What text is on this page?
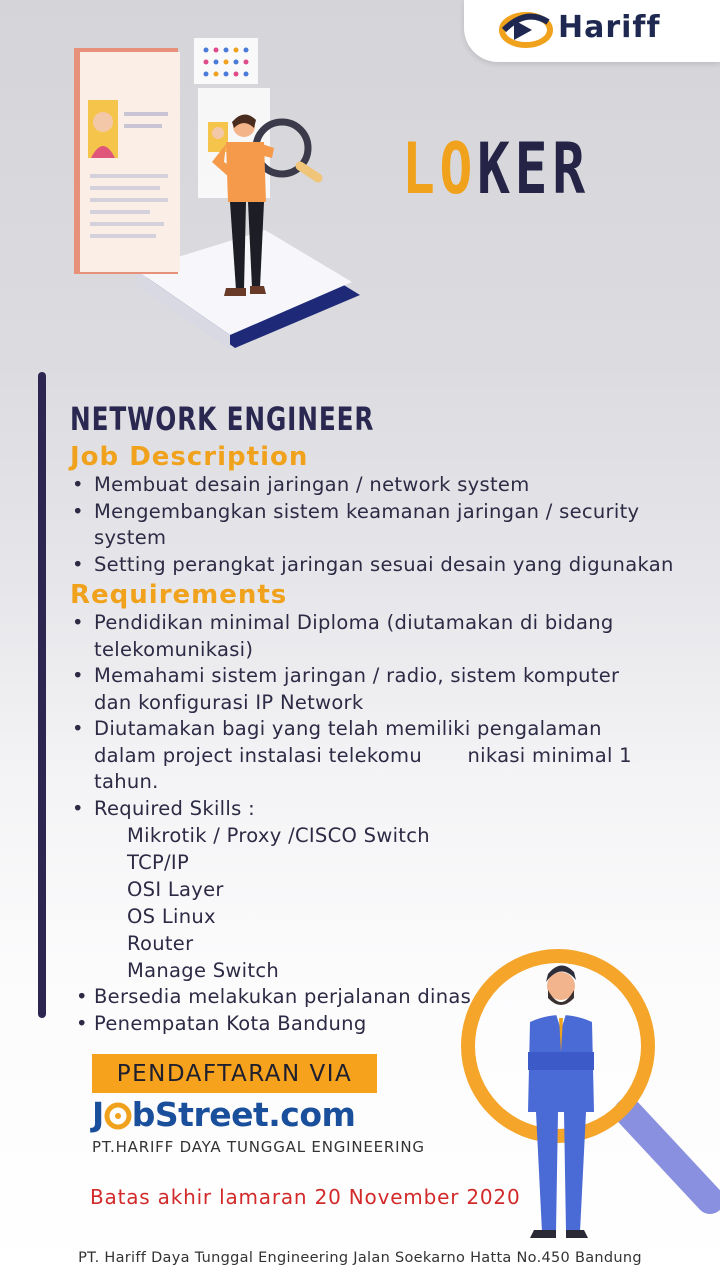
Hariff
LOKER
NETWORK ENGINEER
Job Description
• Membuat desain jaringan / network system
• Mengembangkan sistem keamanan jaringan / security system
• Setting perangkat jaringan sesuai desain yang digunakan
Requirements
• Pendidikan minimal Diploma (diutamakan di bidang telekomunikasi)
• Memahami sistem jaringan / radio, sistem komputer dan konfigurasi IP Network
• Diutamakan bagi yang telah memiliki pengalaman dalam project instalasi telekomu       nikasi minimal 1 tahun.
• Required Skills :
Mikrotik / Proxy /CISCO Switch
TCP/IP
OSI Layer
OS Linux
Router
Manage Switch
• Bersedia melakukan perjalanan dinas
• Penempatan Kota Bandung
PENDAFTARAN VIA
J bStreet.com
PT.HARIFF DAYA TUNGGAL ENGINEERING
Batas akhir lamaran 20 November 2020
PT. Hariff Daya Tunggal Engineering Jalan Soekarno Hatta No.450 Bandung
